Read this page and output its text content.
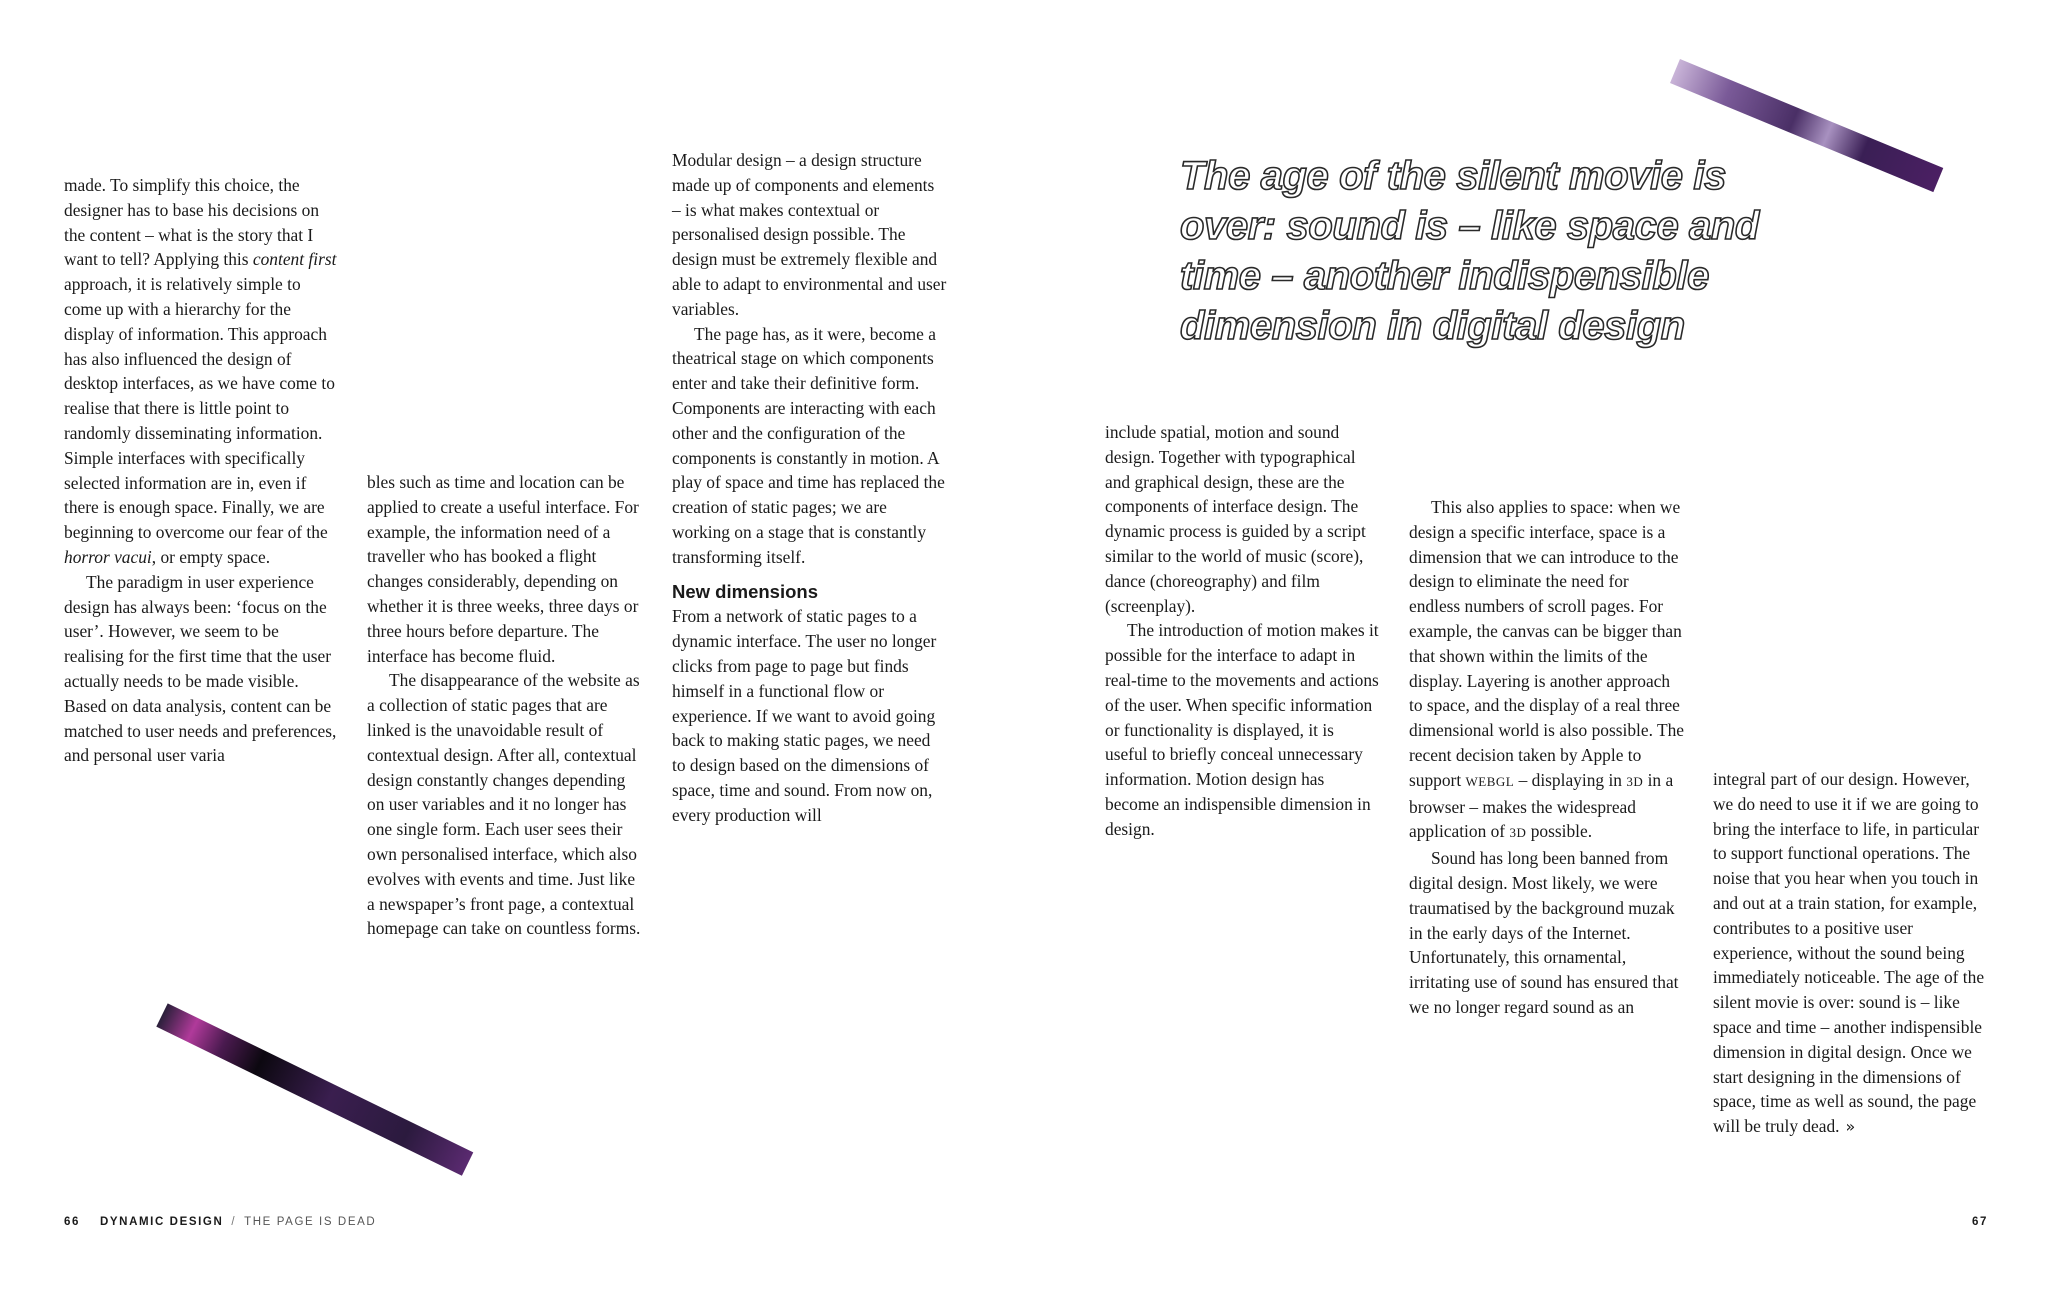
made. To simplify this choice, the designer has to base his decisions on the content – what is the story that I want to tell? Applying this content first approach, it is relatively simple to come up with a hierarchy for the display of information. This approach has also influenced the design of desktop interfaces, as we have come to realise that there is little point to randomly disseminating information. Simple interfaces with specifically selected information are in, even if there is enough space. Finally, we are beginning to overcome our fear of the horror vacui, or empty space.

The paradigm in user experience design has always been: ‘focus on the user’. However, we seem to be realising for the first time that the user actually needs to be made visible. Based on data analysis, content can be matched to user needs and preferences, and personal user varia

bles such as time and location can be applied to create a useful interface. For example, the information need of a traveller who has booked a flight changes considerably, depending on whether it is three weeks, three days or three hours before departure. The interface has become fluid.

The disappearance of the website as a collection of static pages that are linked is the unavoidable result of contextual design. After all, contextual design constantly changes depending on user variables and it no longer has one single form. Each user sees their own personalised interface, which also evolves with events and time. Just like a newspaper’s front page, a contextual homepage can take on countless forms.

Modular design – a design structure made up of components and elements – is what makes contextual or personalised design possible. The design must be extremely flexible and able to adapt to environmental and user variables.

The page has, as it were, become a theatrical stage on which components enter and take their definitive form. Components are interacting with each other and the configuration of the components is constantly in motion. A play of space and time has replaced the creation of static pages; we are working on a stage that is constantly transforming itself.

New dimensions

From a network of static pages to a dynamic interface. The user no longer clicks from page to page but finds himself in a functional flow or experience. If we want to avoid going back to making static pages, we need to design based on the dimensions of space, time and sound. From now on, every production will

The age of the silent movie is
over: sound is – like space and
time – another indispensible
dimension in digital design

include spatial, motion and sound design. Together with typographical and graphical design, these are the components of interface design. The dynamic process is guided by a script similar to the world of music (score), dance (choreography) and film (screenplay).

The introduction of motion makes it possible for the interface to adapt in real-time to the movements and actions of the user. When specific information or functionality is displayed, it is useful to briefly conceal unnecessary information. Motion design has become an indispensible dimension in design.

This also applies to space: when we design a specific interface, space is a dimension that we can introduce to the design to eliminate the need for endless numbers of scroll pages. For example, the canvas can be bigger than that shown within the limits of the display. Layering is another approach to space, and the display of a real three dimensional world is also possible. The recent decision taken by Apple to support WEBGL – displaying in 3D in a browser – makes the widespread application of 3D possible.

Sound has long been banned from digital design. Most likely, we were traumatised by the background muzak in the early days of the Internet. Unfortunately, this ornamental, irritating use of sound has ensured that we no longer regard sound as an

integral part of our design. However, we do need to use it if we are going to bring the interface to life, in particular to support functional operations. The noise that you hear when you touch in and out at a train station, for example, contributes to a positive user experience, without the sound being immediately noticeable. The age of the silent movie is over: sound is – like space and time – another indispensible dimension in digital design. Once we start designing in the dimensions of space, time as well as sound, the page will be truly dead. »

66 DYNAMIC DESIGN / THE PAGE IS DEAD	67
